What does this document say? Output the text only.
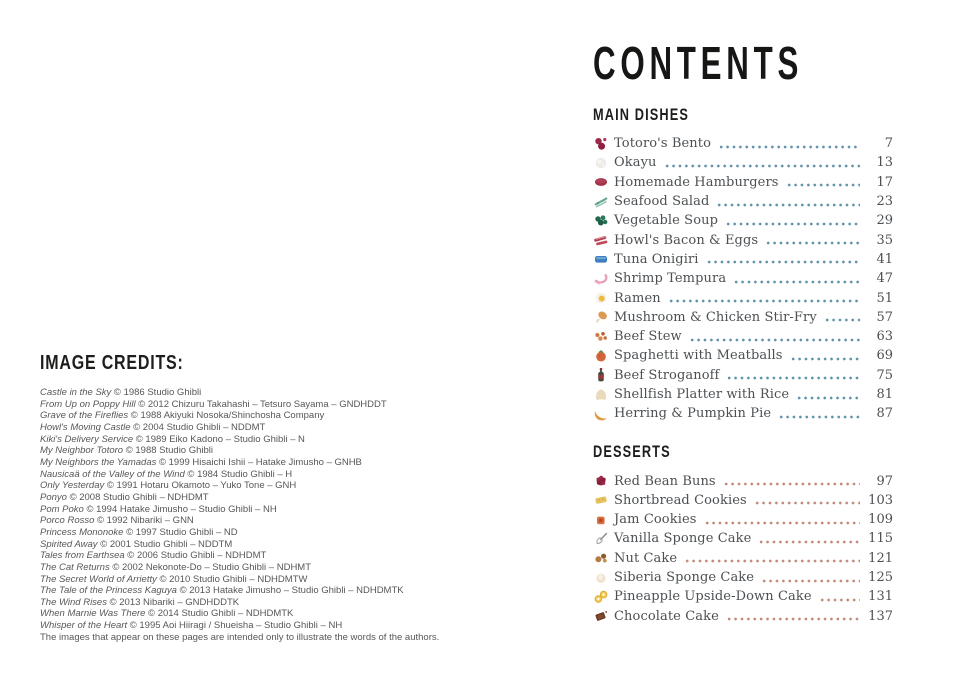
IMAGE CREDITS:
Castle in the Sky © 1986 Studio Ghibli
From Up on Poppy Hill © 2012 Chizuru Takahashi – Tetsuro Sayama – GNDHDDT
Grave of the Fireflies © 1988 Akiyuki Nosoka/Shinchosha Company
Howl's Moving Castle © 2004 Studio Ghibli – NDDMT
Kiki's Delivery Service © 1989 Eiko Kadono – Studio Ghibli – N
My Neighbor Totoro © 1988 Studio Ghibli
My Neighbors the Yamadas © 1999 Hisaichi Ishii – Hatake Jimusho – GNHB
Nausicaä of the Valley of the Wind © 1984 Studio Ghibli – H
Only Yesterday © 1991 Hotaru Okamoto – Yuko Tone – GNH
Ponyo © 2008 Studio Ghibli – NDHDMT
Pom Poko © 1994 Hatake Jimusho – Studio Ghibli – NH
Porco Rosso © 1992 Nibariki – GNN
Princess Mononoke © 1997 Studio Ghibli – ND
Spirited Away © 2001 Studio Ghibli – NDDTM
Tales from Earthsea © 2006 Studio Ghibli – NDHDMT
The Cat Returns © 2002 Nekonote-Do – Studio Ghibli – NDHMT
The Secret World of Arrietty © 2010 Studio Ghibli – NDHDMTW
The Tale of the Princess Kaguya © 2013 Hatake Jimusho – Studio Ghibli – NDHDMTK
The Wind Rises © 2013 Nibariki – GNDHDDTK
When Marnie Was There © 2014 Studio Ghibli – NDHDMTK
Whisper of the Heart © 1995 Aoi Hiiragi / Shueisha – Studio Ghibli – NH
The images that appear on these pages are intended only to illustrate the words of the authors.
CONTENTS
MAIN DISHES
Totoro's Bento	7
Okayu	13
Homemade Hamburgers	17
Seafood Salad	23
Vegetable Soup	29
Howl's Bacon & Eggs	35
Tuna Onigiri	41
Shrimp Tempura	47
Ramen	51
Mushroom & Chicken Stir-Fry	57
Beef Stew	63
Spaghetti with Meatballs	69
Beef Stroganoff	75
Shellfish Platter with Rice	81
Herring & Pumpkin Pie	87
DESSERTS
Red Bean Buns	97
Shortbread Cookies	103
Jam Cookies	109
Vanilla Sponge Cake	115
Nut Cake	121
Siberia Sponge Cake	125
Pineapple Upside-Down Cake	131
Chocolate Cake	137
